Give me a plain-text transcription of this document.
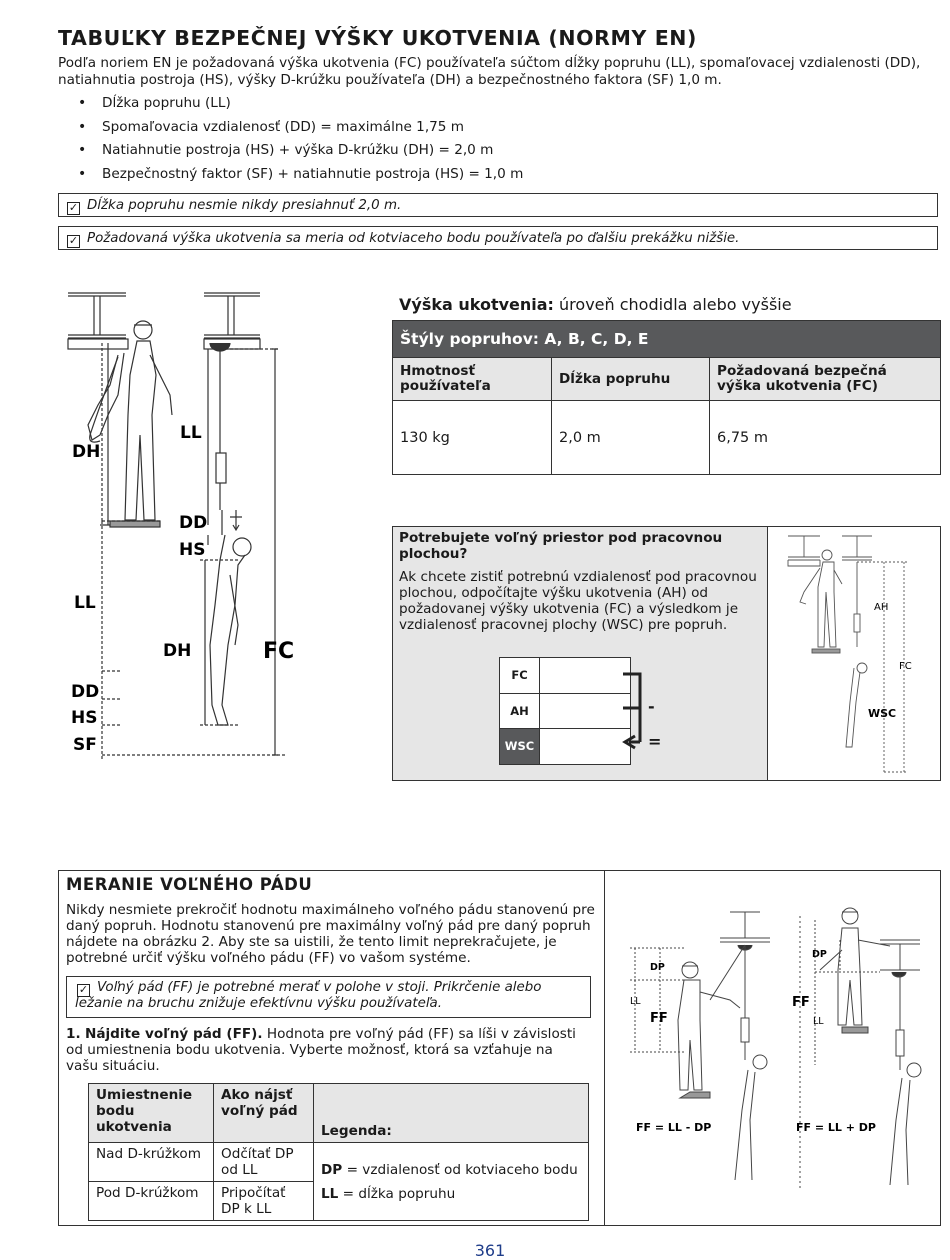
TABUĽKY BEZPEČNEJ VÝŠKY UKOTVENIA (NORMY EN)
Podľa noriem EN je požadovaná výška ukotvenia (FC) používateľa súčtom dĺžky popruhu (LL), spomaľovacej vzdialenosti (DD), natiahnutia postroja (HS), výšky D-krúžku používateľa (DH) a bezpečnostného faktora (SF) 1,0 m.
• Dĺžka popruhu (LL)
• Spomaľovacia vzdialenosť (DD) = maximálne 1,75 m
• Natiahnutie postroja (HS) + výška D-krúžku (DH) = 2,0 m
• Bezpečnostný faktor (SF) + natiahnutie postroja (HS) = 1,0 m
✓ Dĺžka popruhu nesmie nikdy presiahnuť 2,0 m.
✓ Požadovaná výška ukotvenia sa meria od kotviaceho bodu používateľa po ďalšiu prekážku nižšie.
DH
LL
DD
HS
LL
DH	FC
DD
HS
SF
Výška ukotvenia: úroveň chodidla alebo vyššie
Štýly popruhov: A, B, C, D, E		
Hmotnosť používateľa	Dĺžka popruhu	Požadovaná bezpečná výška ukotvenia (FC)
130 kg	2,0 m	6,75 m
Potrebujete voľný priestor pod pracovnou plochou?
Ak chcete zistiť potrebnú vzdialenosť pod pracovnou plochou, odpočítajte výšku ukotvenia (AH) od požadovanej výšky ukotvenia (FC) a výsledkom je vzdialenosť pracovnej plochy (WSC) pre popruh.
FC	
AH	
WSC	
-
=
AH
FC
WSC
MERANIE VOĽNÉHO PÁDU
Nikdy nesmiete prekročiť hodnotu maximálneho voľného pádu stanovenú pre daný popruh. Hodnotu stanovenú pre maximálny voľný pád pre daný popruh nájdete na obrázku 2. Aby ste sa uistili, že tento limit neprekračujete, je potrebné určiť výšku voľného pádu (FF) vo vašom systéme.
✓ Voľný pád (FF) je potrebné merať v polohe v stoji. Prikrčenie alebo ležanie na bruchu znižuje efektívnu výšku používateľa.
1. Nájdite voľný pád (FF). Hodnota pre voľný pád (FF) sa líši v závislosti od umiestnenia bodu ukotvenia. Vyberte možnosť, ktorá sa vzťahuje na vašu situáciu.
Umiestnenie bodu ukotvenia	Ako nájsť voľný pád	Legenda:
Nad D-krúžkom	Odčítať DP od LL	DP = vzdialenosť od kotviaceho bodu
LL = dĺžka popruhu

Pod D-krúžkom	Pripočítať DP k LL	
DP
LL
FF
FF = LL - DP
DP
FF
LL
FF = LL + DP
361
